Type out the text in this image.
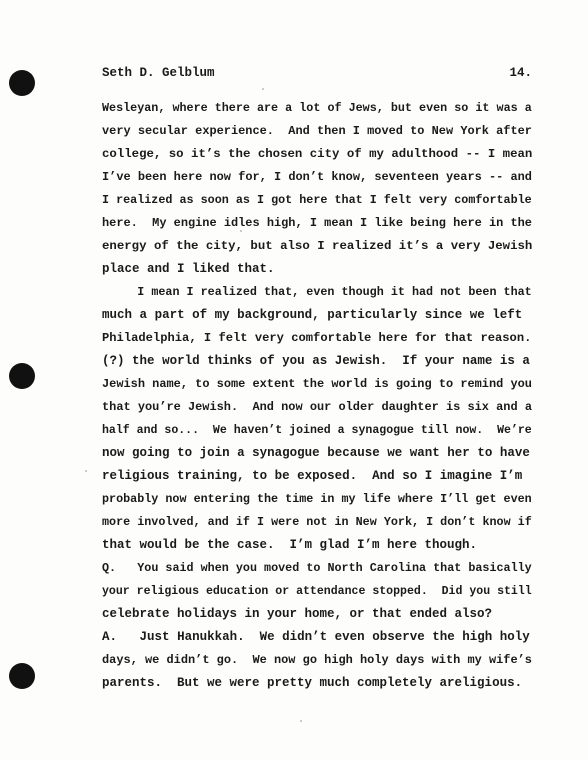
Seth D. Gelblum	14.
Wesleyan, where there are a lot of Jews, but even so it was a
very secular experience. And then I moved to New York after
college, so it’s the chosen city of my adulthood -- I mean
I’ve been here now for, I don’t know, seventeen years -- and
I realized as soon as I got here that I felt very comfortable
here. My engine idles high, I mean I like being here in the
energy of the city, but also I realized it’s a very Jewish
place and I liked that.
I mean I realized that, even though it had not been that
much a part of my background, particularly since we left
Philadelphia, I felt very comfortable here for that reason.
(?) the world thinks of you as Jewish. If your name is a
Jewish name, to some extent the world is going to remind you
that you’re Jewish. And now our older daughter is six and a
half and so... We haven’t joined a synagogue till now. We’re
now going to join a synagogue because we want her to have
religious training, to be exposed. And so I imagine I’m
probably now entering the time in my life where I’ll get even
more involved, and if I were not in New York, I don’t know if
that would be the case.  I’m glad I’m here though.
Q. You said when you moved to North Carolina that basically
your religious education or attendance stopped. Did you still
celebrate holidays in your home, or that ended also?
A. Just Hanukkah. We didn’t even observe the high holy
days, we didn’t go. We now go high holy days with my wife’s
parents.  But we were pretty much completely areligious.
